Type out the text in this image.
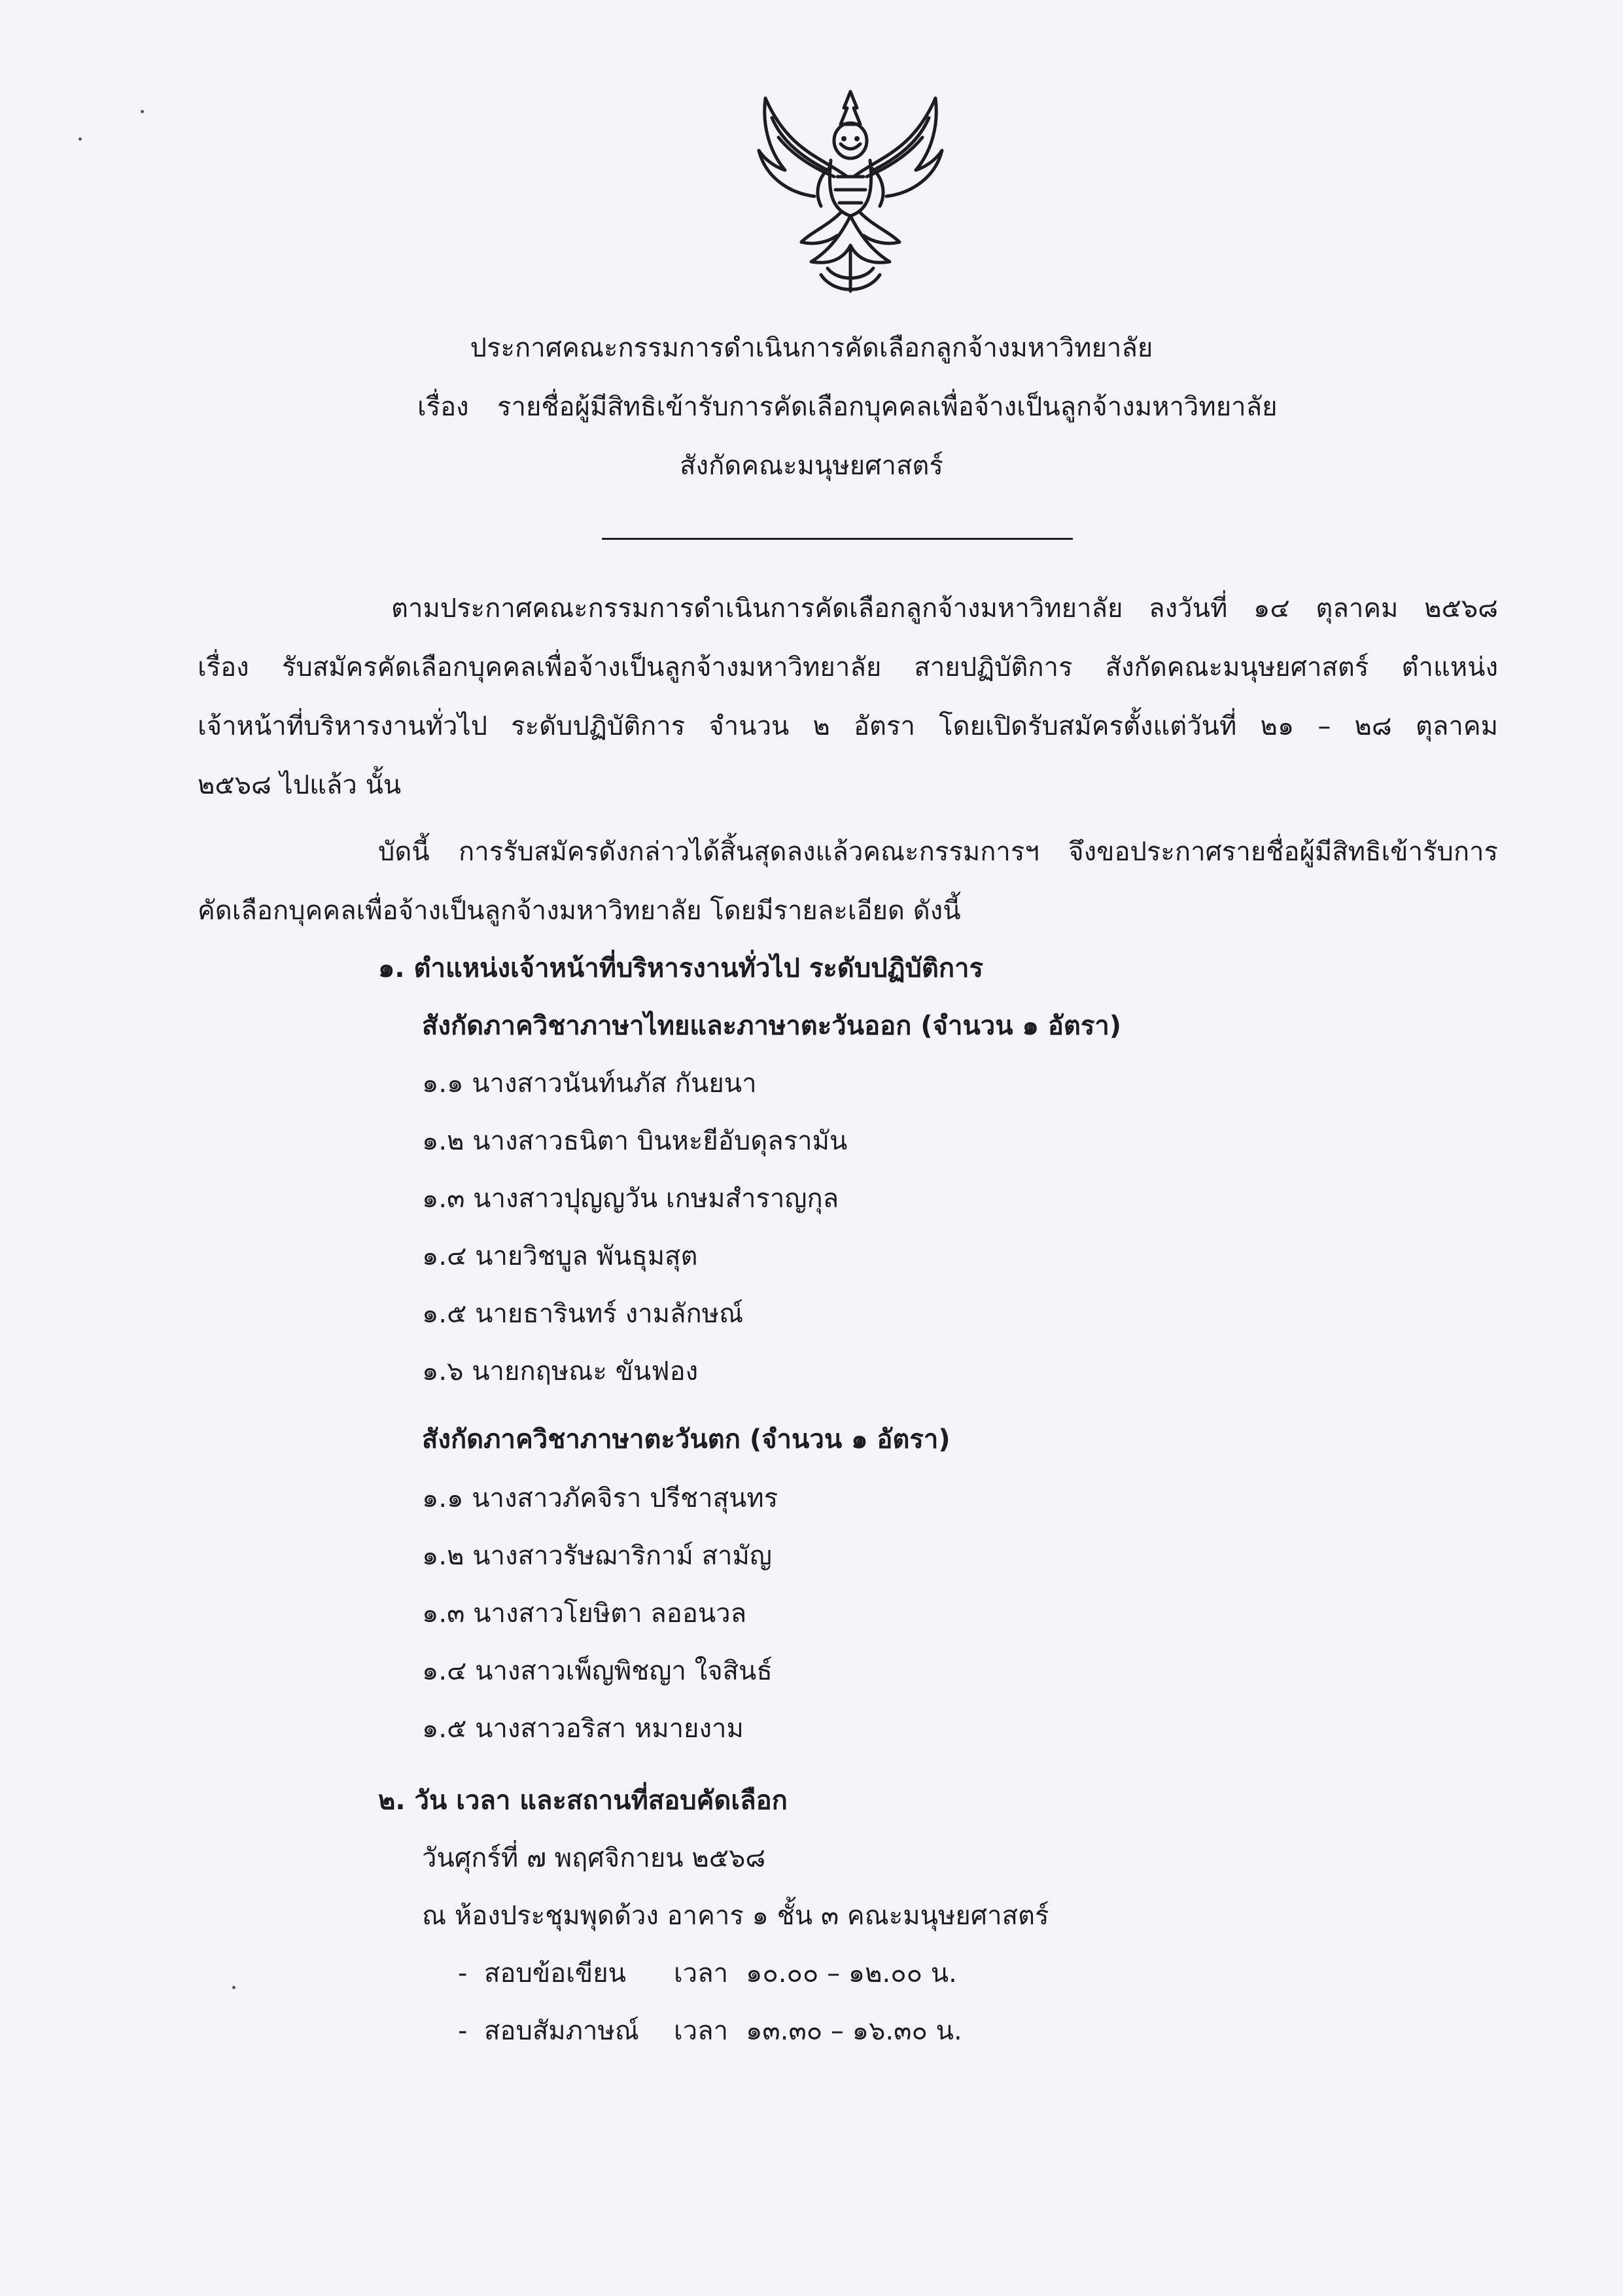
ประกาศคณะกรรมการดำเนินการคัดเลือกลูกจ้างมหาวิทยาลัย
เรื่อง รายชื่อผู้มีสิทธิเข้ารับการคัดเลือกบุคคลเพื่อจ้างเป็นลูกจ้างมหาวิทยาลัย
สังกัดคณะมนุษยศาสตร์
ตามประกาศคณะกรรมการดำเนินการคัดเลือกลูกจ้างมหาวิทยาลัย ลงวันที่ ๑๔ ตุลาคม ๒๕๖๘
เรื่อง รับสมัครคัดเลือกบุคคลเพื่อจ้างเป็นลูกจ้างมหาวิทยาลัย สายปฏิบัติการ สังกัดคณะมนุษยศาสตร์ ตำแหน่ง
เจ้าหน้าที่บริหารงานทั่วไป ระดับปฏิบัติการ จำนวน ๒ อัตรา โดยเปิดรับสมัครตั้งแต่วันที่ ๒๑ – ๒๘ ตุลาคม
๒๕๖๘ ไปแล้ว นั้น
บัดนี้ การรับสมัครดังกล่าวได้สิ้นสุดลงแล้วคณะกรรมการฯ จึงขอประกาศรายชื่อผู้มีสิทธิเข้ารับการ
คัดเลือกบุคคลเพื่อจ้างเป็นลูกจ้างมหาวิทยาลัย โดยมีรายละเอียด ดังนี้
๑. ตำแหน่งเจ้าหน้าที่บริหารงานทั่วไป ระดับปฏิบัติการ
สังกัดภาควิชาภาษาไทยและภาษาตะวันออก (จำนวน ๑ อัตรา)
๑.๑ นางสาวนันท์นภัส กันยนา
๑.๒ นางสาวธนิตา บินหะยีอับดุลรามัน
๑.๓ นางสาวปุญญวัน เกษมสำราญกุล
๑.๔ นายวิชบูล พันธุมสุต
๑.๕ นายธารินทร์ งามลักษณ์
๑.๖ นายกฤษณะ ขันฟอง
สังกัดภาควิชาภาษาตะวันตก (จำนวน ๑ อัตรา)
๑.๑ นางสาวภัคจิรา ปรีชาสุนทร
๑.๒ นางสาวรัษฌาริกาม์ สามัญ
๑.๓ นางสาวโยษิตา ลออนวล
๑.๔ นางสาวเพ็ญพิชญา ใจสินธ์
๑.๕ นางสาวอริสา หมายงาม
๒. วัน เวลา และสถานที่สอบคัดเลือก
วันศุกร์ที่ ๗ พฤศจิกายน ๒๕๖๘
ณ ห้องประชุมพุดด้วง อาคาร ๑ ชั้น ๓ คณะมนุษยศาสตร์
- สอบข้อเขียน เวลา ๑๐.๐๐ – ๑๒.๐๐ น.
- สอบสัมภาษณ์ เวลา ๑๓.๓๐ – ๑๖.๓๐ น.
